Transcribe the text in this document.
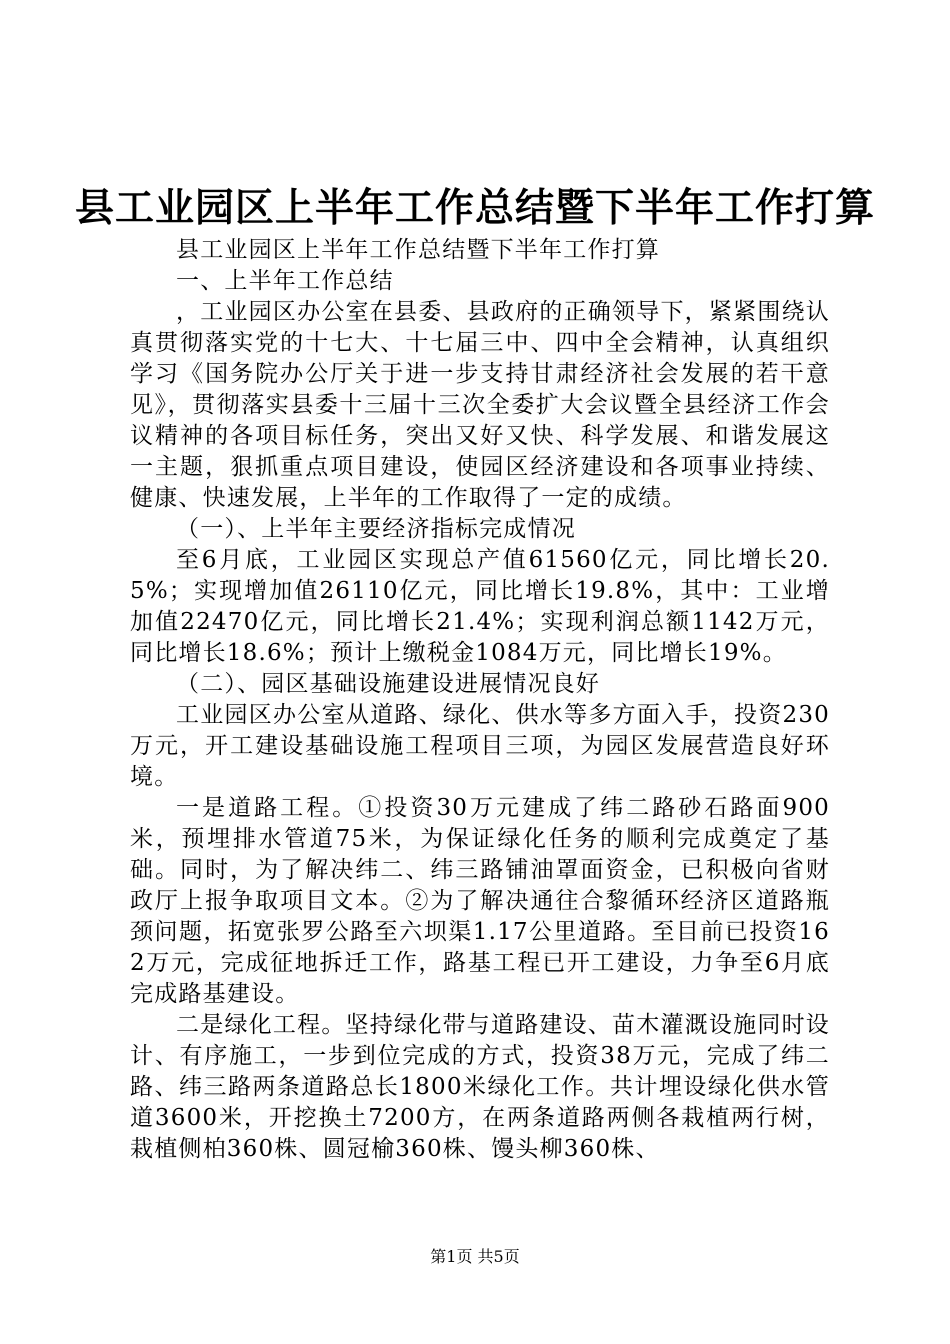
县工业园区上半年工作总结暨下半年工作打算

县工业园区上半年工作总结暨下半年工作打算

一、上半年工作总结

，工业园区办公室在县委、县政府的正确领导下，紧紧围绕认真贯彻落实党的十七大、十七届三中、四中全会精神，认真组织学习《国务院办公厅关于进一步支持甘肃经济社会发展的若干意见》，贯彻落实县委十三届十三次全委扩大会议暨全县经济工作会议精神的各项目标任务，突出又好又快、科学发展、和谐发展这一主题，狠抓重点项目建设，使园区经济建设和各项事业持续、健康、快速发展，上半年的工作取得了一定的成绩。

（一）、上半年主要经济指标完成情况

至6月底，工业园区实现总产值61560亿元，同比增长20.5%；实现增加值26110亿元，同比增长19.8%，其中：工业增加值22470亿元，同比增长21.4%；实现利润总额1142万元，同比增长18.6%；预计上缴税金1084万元，同比增长19%。

（二）、园区基础设施建设进展情况良好

工业园区办公室从道路、绿化、供水等多方面入手，投资230万元，开工建设基础设施工程项目三项，为园区发展营造良好环境。

一是道路工程。①投资30万元建成了纬二路砂石路面900米，预埋排水管道75米，为保证绿化任务的顺利完成奠定了基础。同时，为了解决纬二、纬三路铺油罩面资金，已积极向省财政厅上报争取项目文本。②为了解决通往合黎循环经济区道路瓶颈问题，拓宽张罗公路至六坝渠1.17公里道路。至目前已投资162万元，完成征地拆迁工作，路基工程已开工建设，力争至6月底完成路基建设。

二是绿化工程。坚持绿化带与道路建设、苗木灌溉设施同时设计、有序施工，一步到位完成的方式，投资38万元，完成了纬二路、纬三路两条道路总长1800米绿化工作。共计埋设绿化供水管道3600米，开挖换土7200方，在两条道路两侧各栽植两行树，栽植侧柏360株、圆冠榆360株、馒头柳360株、

第1页 共5页
